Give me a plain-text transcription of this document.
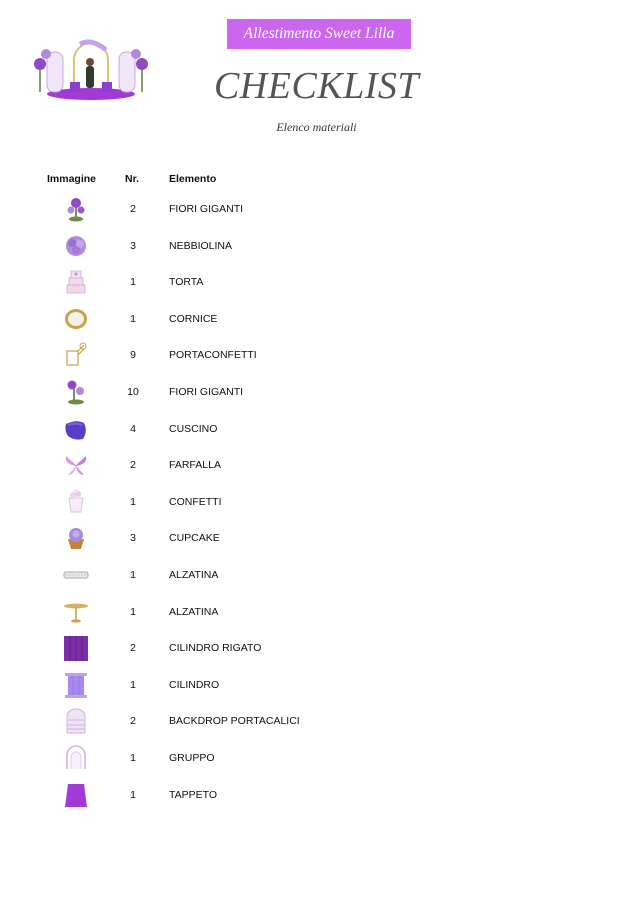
Allestimento Sweet Lilla
CHECKLIST
Elenco materiali
Immagine	Nr.	Elemento
2	FIORI GIGANTI
3	NEBBIOLINA
1	TORTA
1	CORNICE
9	PORTACONFETTI
10	FIORI GIGANTI
4	CUSCINO
2	FARFALLA
1	CONFETTI
3	CUPCAKE
1	ALZATINA
1	ALZATINA
2	CILINDRO RIGATO
1	CILINDRO
2	BACKDROP PORTACALICI
1	GRUPPO
1	TAPPETO
